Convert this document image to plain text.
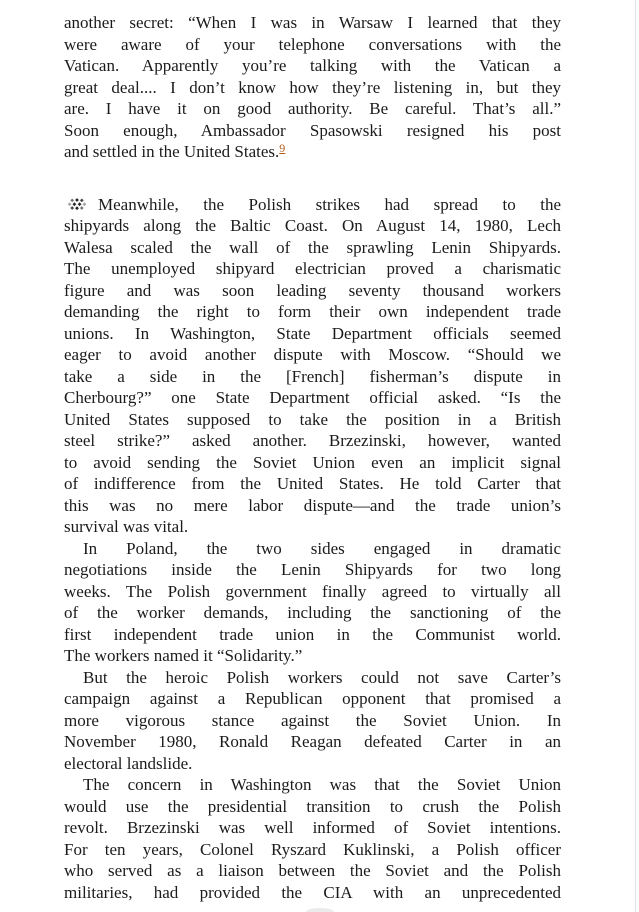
another secret: “When I was in Warsaw I learned that they
were aware of your telephone conversations with the
Vatican. Apparently you’re talking with the Vatican a
great deal.... I don’t know how they’re listening in, but they
are. I have it on good authority. Be careful. That’s all.”
Soon enough, Ambassador Spasowski resigned his post
and settled in the United States.$^9$

Meanwhile, the Polish strikes had spread to the
shipyards along the Baltic Coast. On August 14, 1980, Lech
Walesa scaled the wall of the sprawling Lenin Shipyards.
The unemployed shipyard electrician proved a charismatic
figure and was soon leading seventy thousand workers
demanding the right to form their own independent trade
unions. In Washington, State Department officials seemed
eager to avoid another dispute with Moscow. “Should we
take a side in the [French] fisherman’s dispute in
Cherbourg?” one State Department official asked. “Is the
United States supposed to take the position in a British
steel strike?” asked another. Brzezinski, however, wanted
to avoid sending the Soviet Union even an implicit signal
of indifference from the United States. He told Carter that
this was no mere labor dispute—and the trade union’s
survival was vital.

In Poland, the two sides engaged in dramatic
negotiations inside the Lenin Shipyards for two long
weeks. The Polish government finally agreed to virtually all
of the worker demands, including the sanctioning of the
first independent trade union in the Communist world.
The workers named it “Solidarity.”

But the heroic Polish workers could not save Carter’s
campaign against a Republican opponent that promised a
more vigorous stance against the Soviet Union. In
November 1980, Ronald Reagan defeated Carter in an
electoral landslide.

The concern in Washington was that the Soviet Union
would use the presidential transition to crush the Polish
revolt. Brzezinski was well informed of Soviet intentions.
For ten years, Colonel Ryszard Kuklinski, a Polish officer
who served as a liaison between the Soviet and the Polish
militaries, had provided the CIA with an unprecedented
